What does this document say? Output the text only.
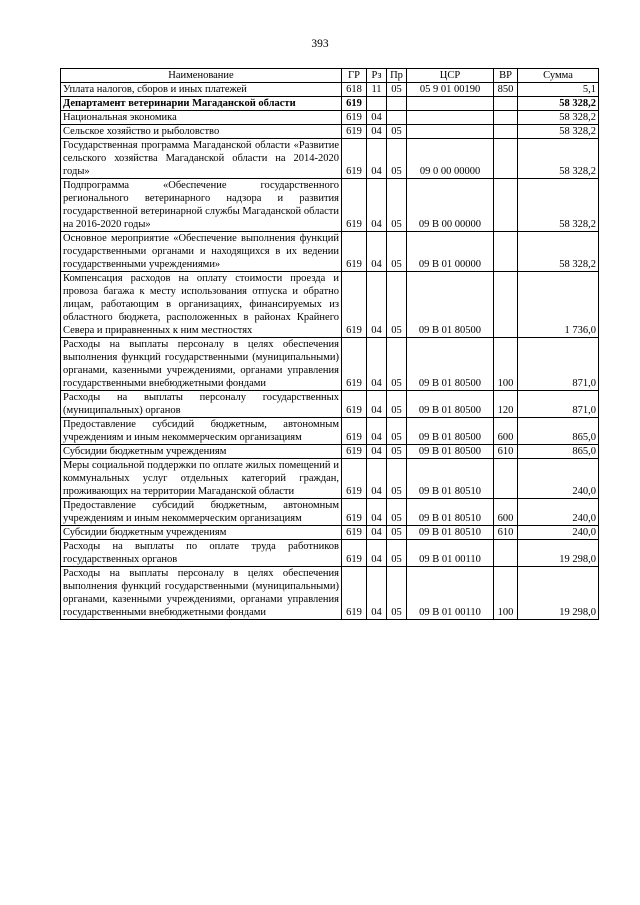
393
Наименование	ГР	Рз	Пр	ЦСР	ВР	Сумма
Уплата налогов, сборов и иных платежей	618	11	05	05 9 01 00190	850	5,1
Департамент ветеринарии Магаданской области	619					58 328,2
Национальная экономика	619	04				58 328,2
Сельское хозяйство и рыболовство	619	04	05			58 328,2
Государственная программа Магаданской области «Развитие сельского хозяйства Магаданской области на 2014-2020 годы»	619	04	05	09 0 00 00000		58 328,2
Подпрограмма «Обеспечение государственного регионального ветеринарного надзора и развития государственной ветеринарной службы Магаданской области на 2016-2020 годы»	619	04	05	09 В 00 00000		58 328,2
Основное мероприятие «Обеспечение выполнения функций государственными органами и находящихся в их ведении государственными учреждениями»	619	04	05	09 В 01 00000		58 328,2
Компенсация расходов на оплату стоимости проезда и провоза багажа к месту использования отпуска и обратно лицам, работающим в организациях, финансируемых из областного бюджета, расположенных в районах Крайнего Севера и приравненных к ним местностях	619	04	05	09 В 01 80500		1 736,0
Расходы на выплаты персоналу в целях обеспечения выполнения функций государственными (муниципальными) органами, казенными учреждениями, органами управления государственными внебюджетными фондами	619	04	05	09 В 01 80500	100	871,0
Расходы на выплаты персоналу государственных (муниципальных) органов	619	04	05	09 В 01 80500	120	871,0
Предоставление субсидий бюджетным, автономным учреждениям и иным некоммерческим организациям	619	04	05	09 В 01 80500	600	865,0
Субсидии бюджетным учреждениям	619	04	05	09 В 01 80500	610	865,0
Меры социальной поддержки по оплате жилых помещений и коммунальных услуг отдельных категорий граждан, проживающих на территории Магаданской области	619	04	05	09 В 01 80510		240,0
Предоставление субсидий бюджетным, автономным учреждениям и иным некоммерческим организациям	619	04	05	09 В 01 80510	600	240,0
Субсидии бюджетным учреждениям	619	04	05	09 В 01 80510	610	240,0
Расходы на выплаты по оплате труда работников государственных органов	619	04	05	09 В 01 00110		19 298,0
Расходы на выплаты персоналу в целях обеспечения выполнения функций государственными (муниципальными) органами, казенными учреждениями, органами управления государственными внебюджетными фондами	619	04	05	09 В 01 00110	100	19 298,0
